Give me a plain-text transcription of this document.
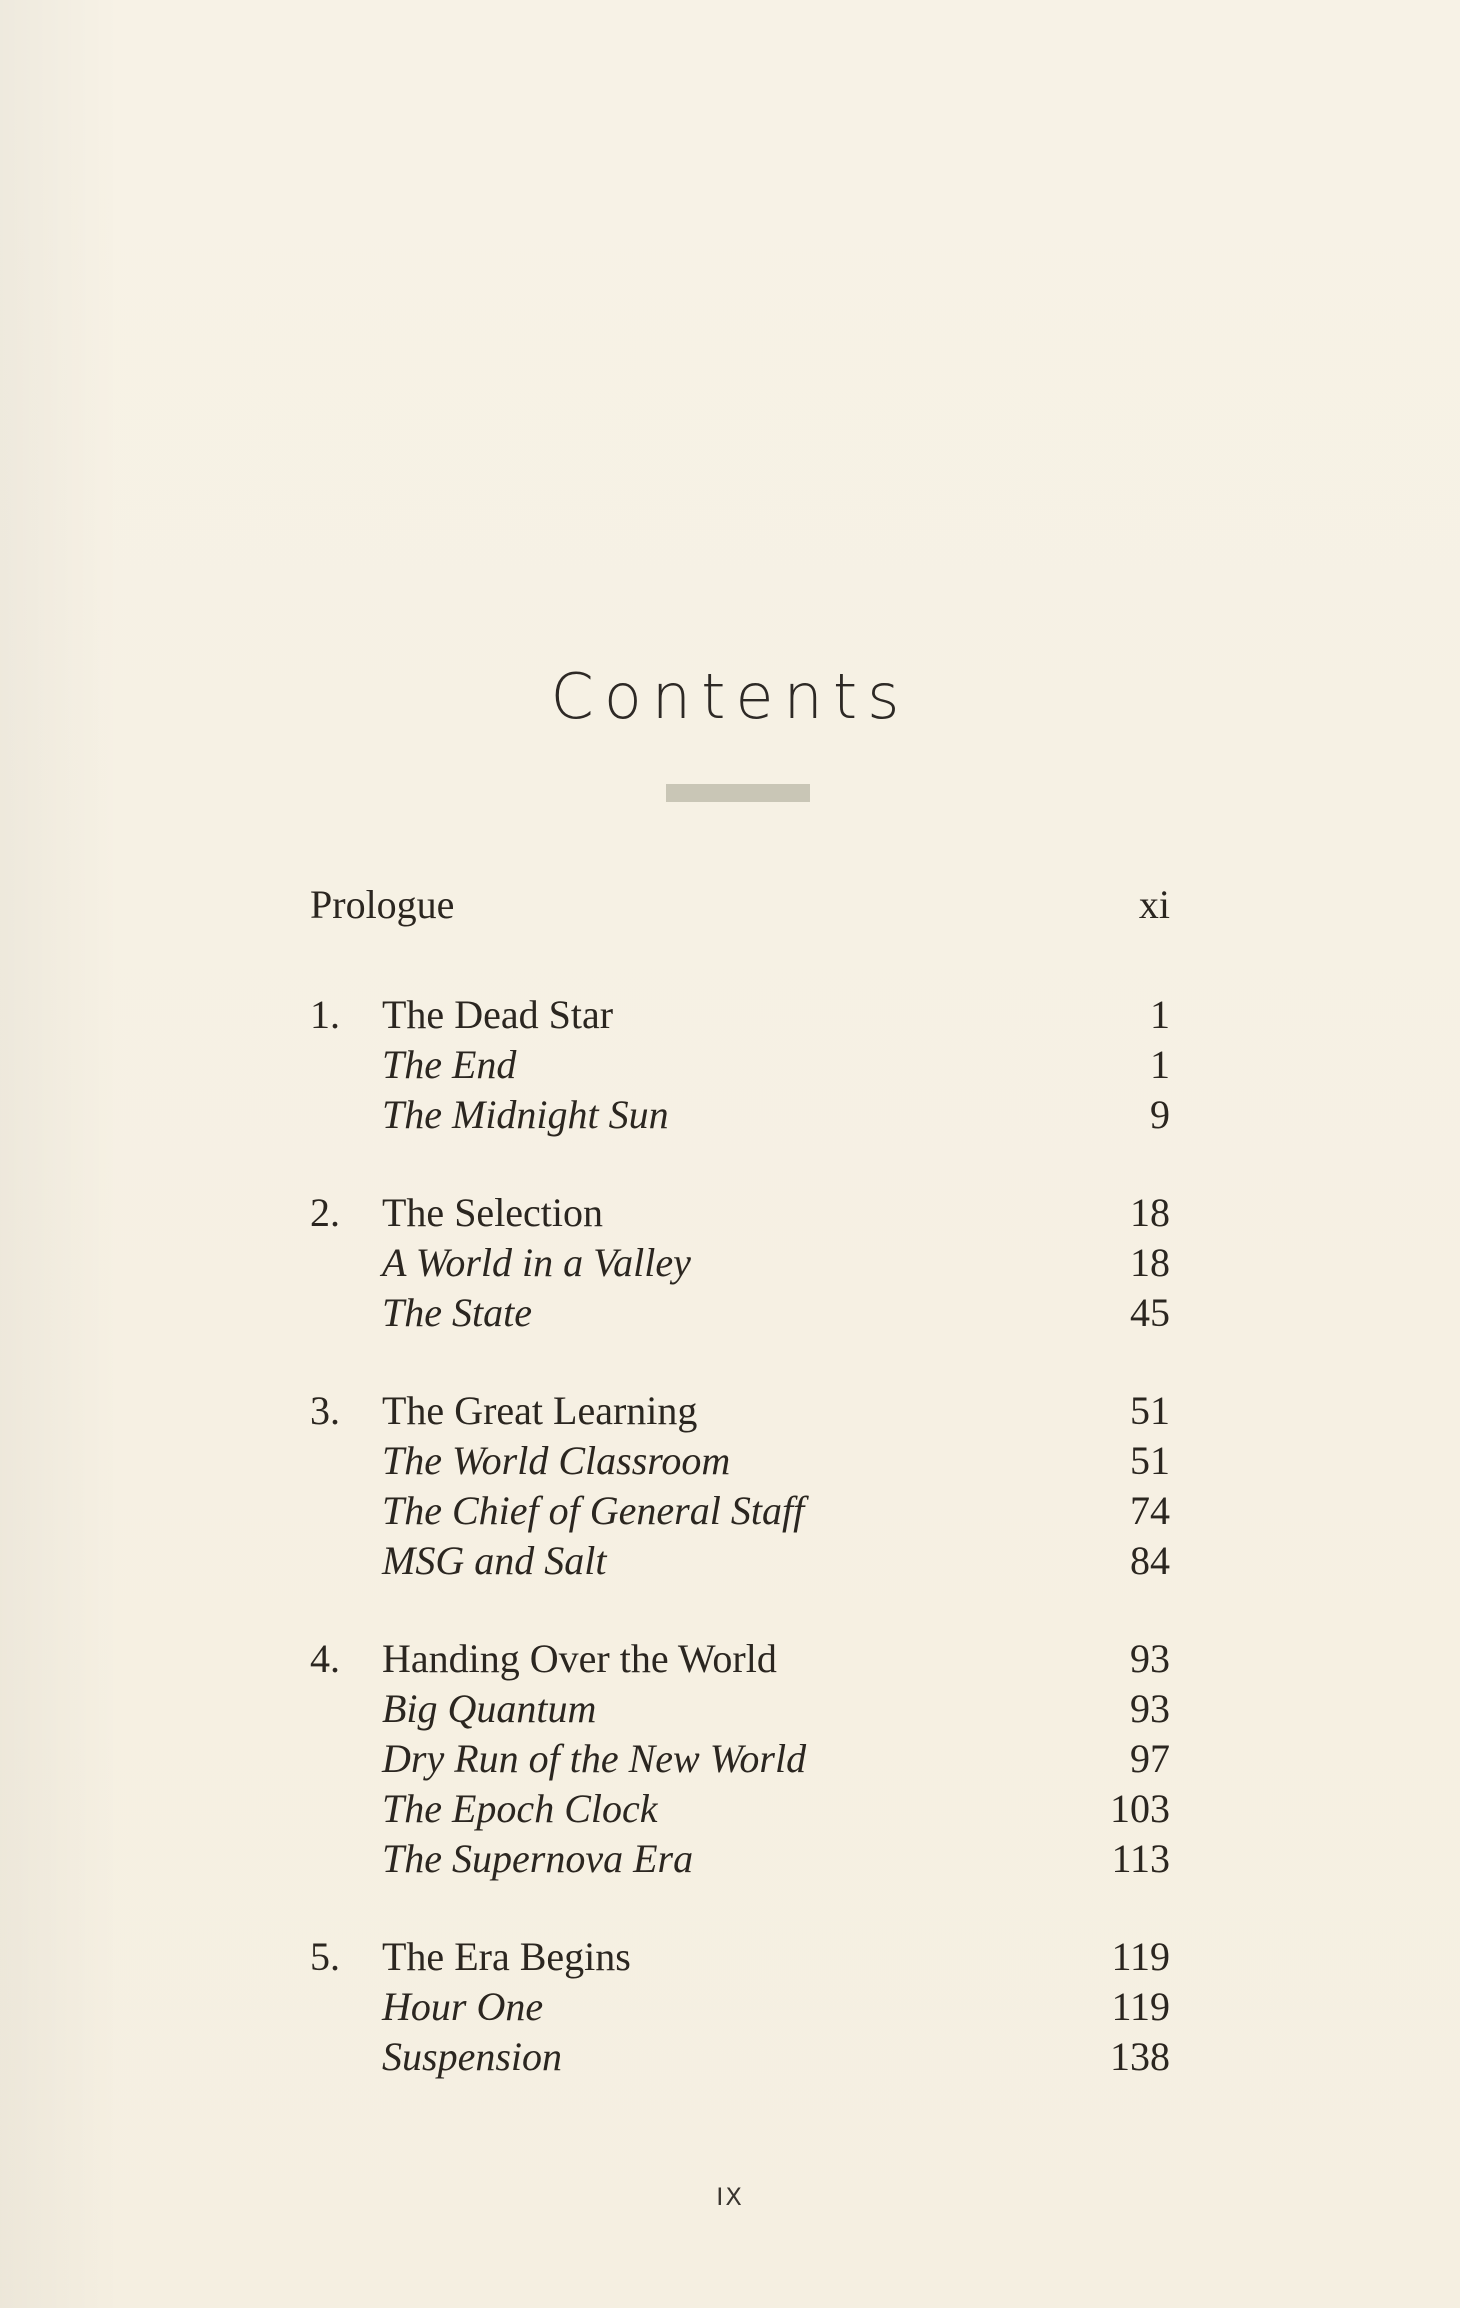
Contents
Prologue	xi
1.	The Dead Star	1
The End	1
The Midnight Sun	9
2.	The Selection	18
A World in a Valley	18
The State	45
3.	The Great Learning	51
The World Classroom	51
The Chief of General Staff	74
MSG and Salt	84
4.	Handing Over the World	93
Big Quantum	93
Dry Run of the New World	97
The Epoch Clock	103
The Supernova Era	113
5.	The Era Begins	119
Hour One	119
Suspension	138
IX
